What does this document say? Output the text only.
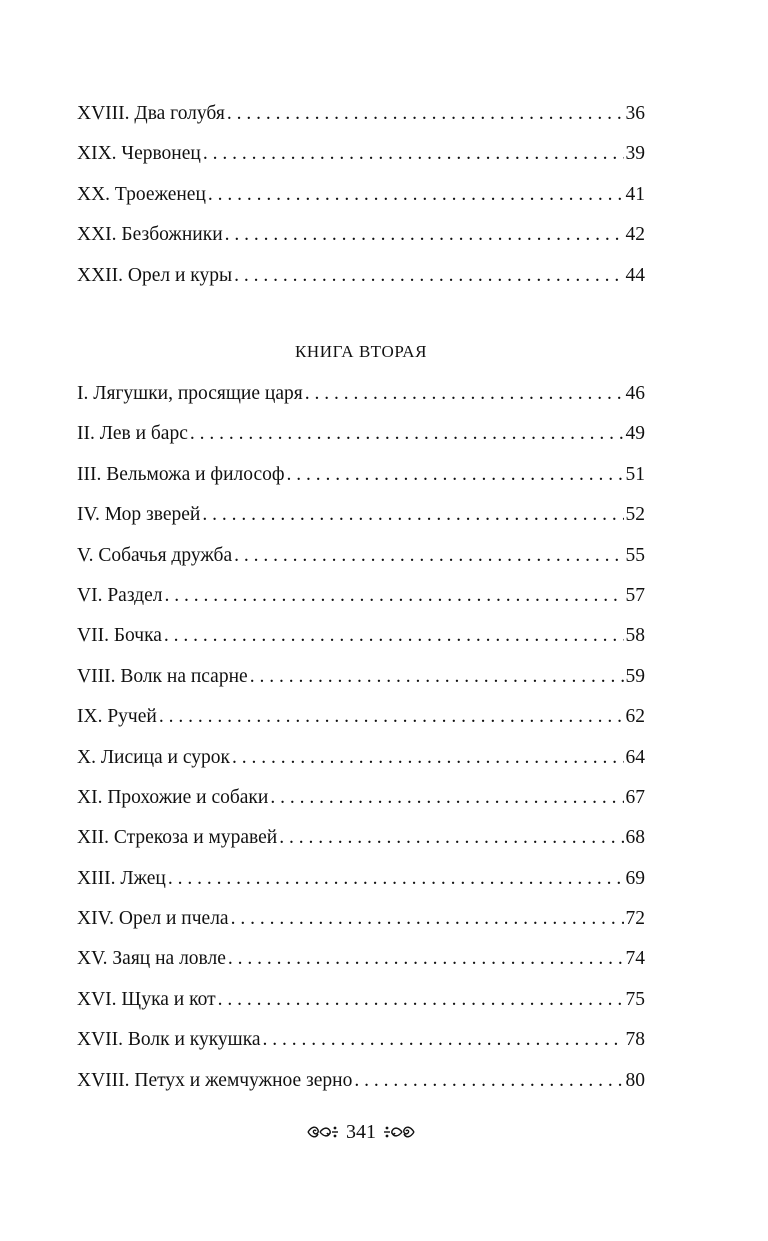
XVIII. Два голубя . . .	36
XIX. Червонец . . .	39
XX. Троеженец . . .	41
XXI. Безбожники . . .	42
XXII. Орел и куры . . .	44
КНИГА ВТОРАЯ
I. Лягушки, просящие царя . . .	46
II. Лев и барс . . .	49
III. Вельможа и философ . . .	51
IV. Мор зверей . . .	52
V. Собачья дружба . . .	55
VI. Раздел . . .	57
VII. Бочка . . .	58
VIII. Волк на псарне . . .	59
IX. Ручей . . .	62
X. Лисица и сурок . . .	64
XI. Прохожие и собаки . . .	67
XII. Стрекоза и муравей . . .	68
XIII. Лжец . . .	69
XIV. Орел и пчела . . .	72
XV. Заяц на ловле . . .	74
XVI. Щука и кот . . .	75
XVII. Волк и кукушка . . .	78
XVIII. Петух и жемчужное зерно . . .	80
341
